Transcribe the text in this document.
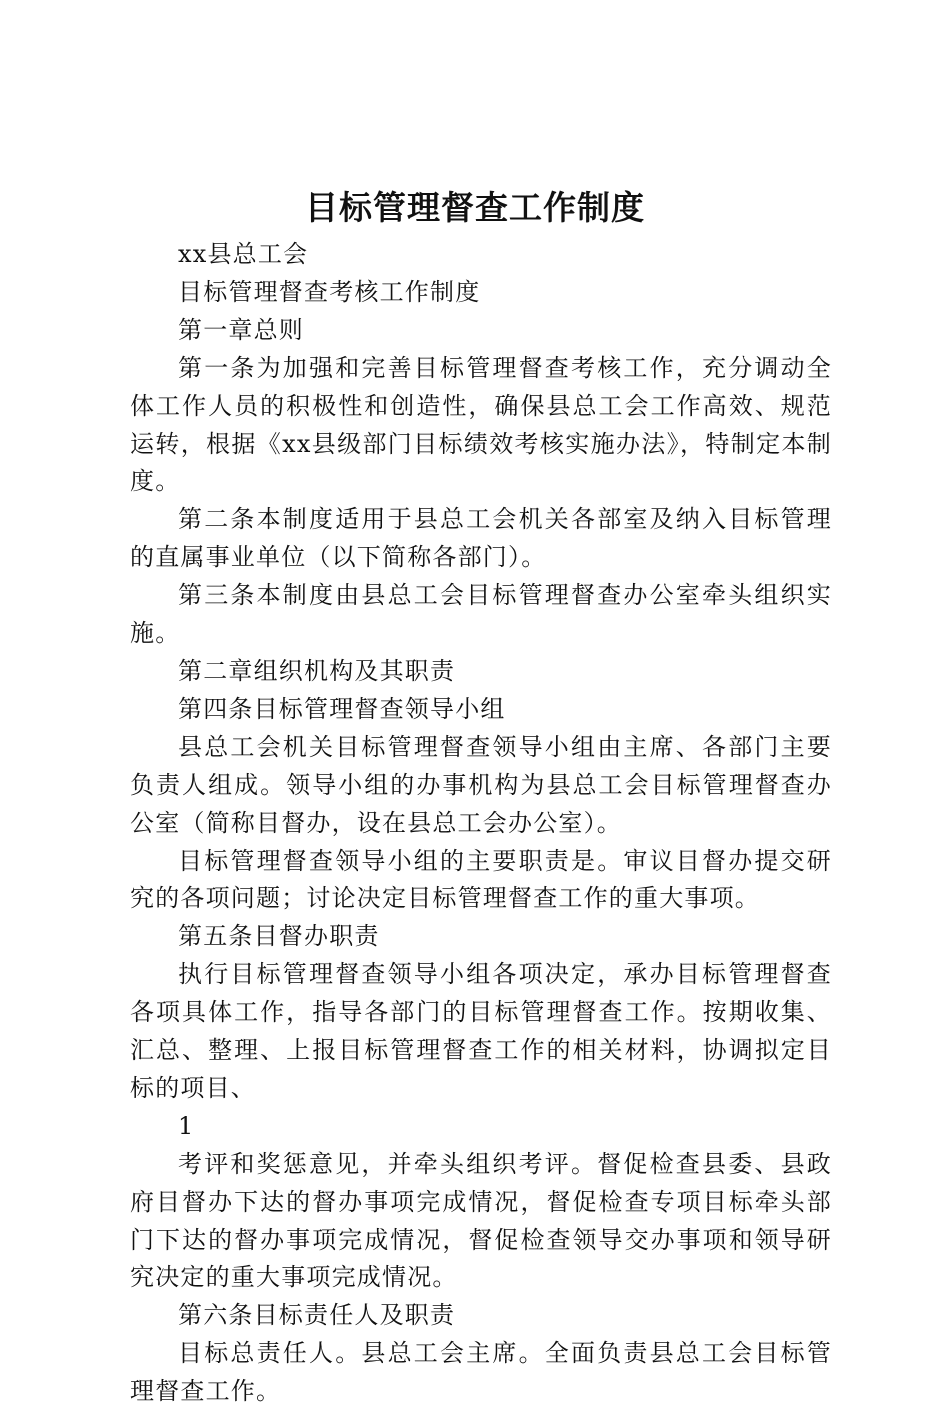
目标管理督查工作制度

xx县总工会

目标管理督查考核工作制度

第一章总则

第一条为加强和完善目标管理督查考核工作，充分调动全体工作人员的积极性和创造性，确保县总工会工作高效、规范运转，根据《xx县级部门目标绩效考核实施办法》，特制定本制度。

第二条本制度适用于县总工会机关各部室及纳入目标管理的直属事业单位（以下简称各部门）。

第三条本制度由县总工会目标管理督查办公室牵头组织实施。

第二章组织机构及其职责

第四条目标管理督查领导小组

县总工会机关目标管理督查领导小组由主席、各部门主要负责人组成。领导小组的办事机构为县总工会目标管理督查办公室（简称目督办，设在县总工会办公室）。

目标管理督查领导小组的主要职责是。审议目督办提交研究的各项问题；讨论决定目标管理督查工作的重大事项。

第五条目督办职责

执行目标管理督查领导小组各项决定，承办目标管理督查各项具体工作，指导各部门的目标管理督查工作。按期收集、汇总、整理、上报目标管理督查工作的相关材料，协调拟定目标的项目、

1

考评和奖惩意见，并牵头组织考评。督促检查县委、县政府目督办下达的督办事项完成情况，督促检查专项目标牵头部门下达的督办事项完成情况，督促检查领导交办事项和领导研究决定的重大事项完成情况。

第六条目标责任人及职责

目标总责任人。县总工会主席。全面负责县总工会目标管理督查工作。
